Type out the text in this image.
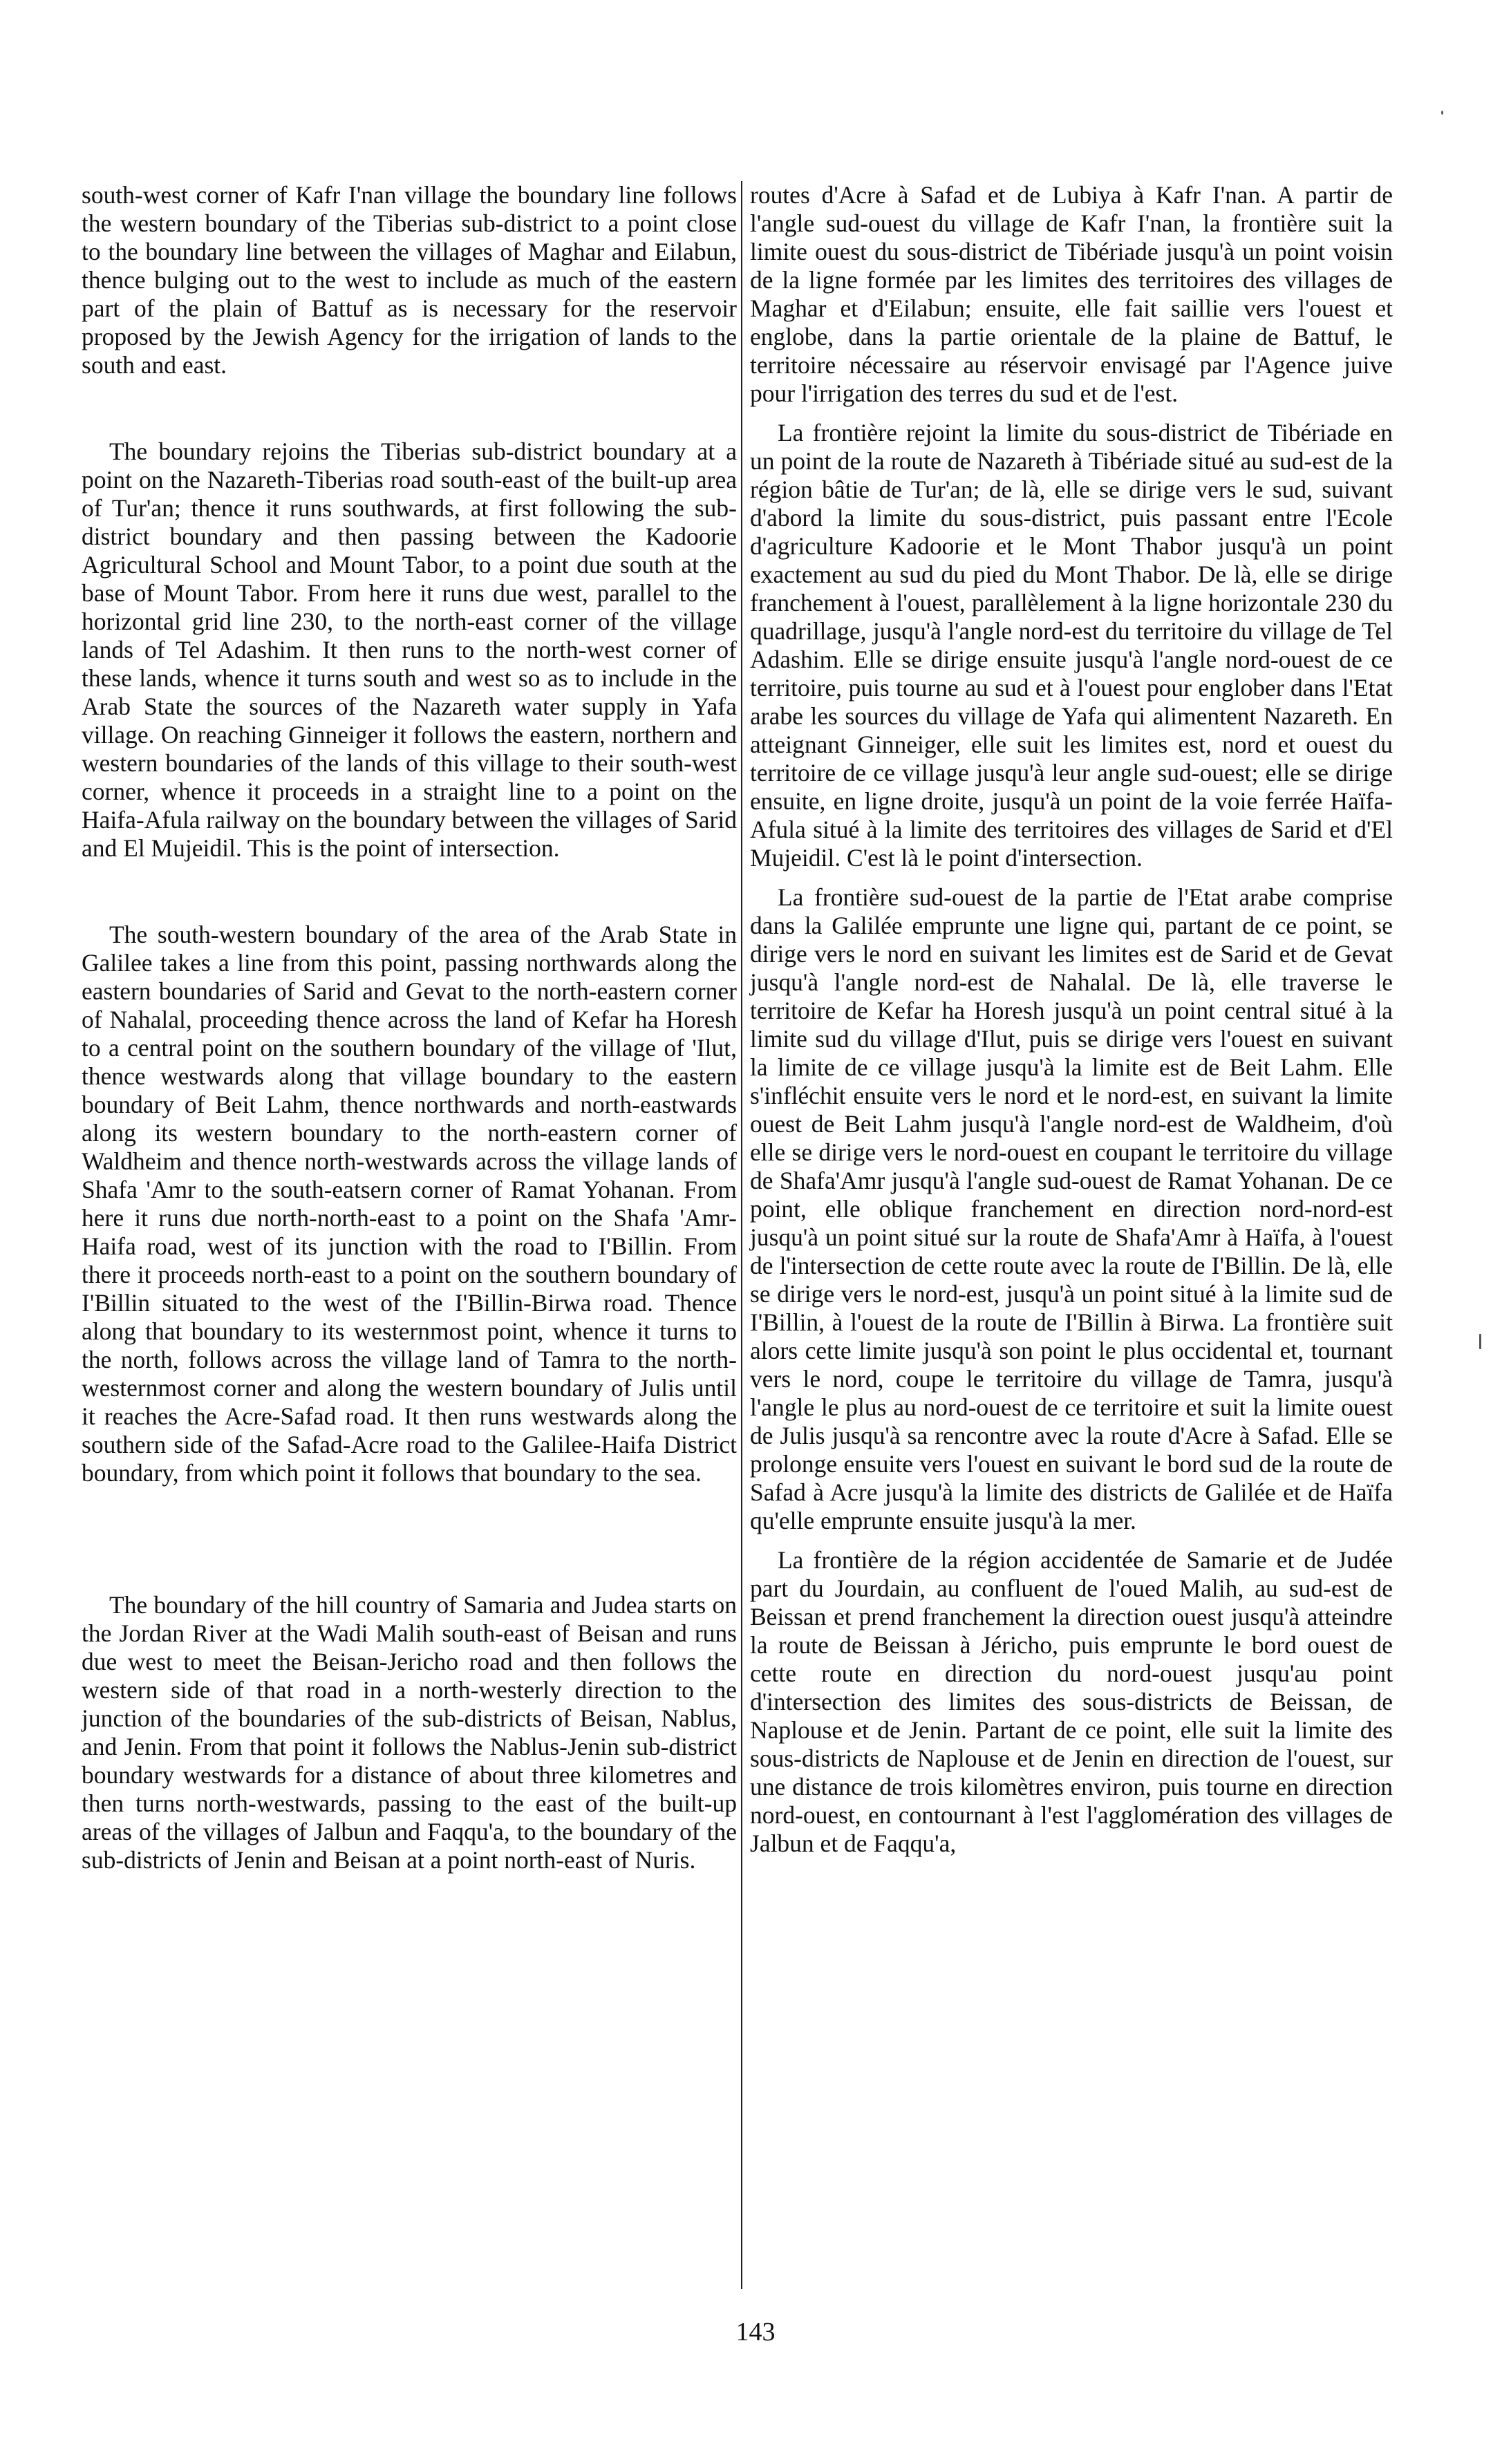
south-west corner of Kafr I'nan village the boundary line follows the western boundary of the Tiberias sub-district to a point close to the boundary line between the villages of Maghar and Eilabun, thence bulging out to the west to include as much of the eastern part of the plain of Battuf as is necessary for the reservoir proposed by the Jewish Agency for the irrigation of lands to the south and east.

The boundary rejoins the Tiberias sub-district boundary at a point on the Nazareth-Tiberias road south-east of the built-up area of Tur'an; thence it runs southwards, at first following the sub-district boundary and then passing between the Kadoorie Agricultural School and Mount Tabor, to a point due south at the base of Mount Tabor. From here it runs due west, parallel to the horizontal grid line 230, to the north-east corner of the village lands of Tel Adashim. It then runs to the north-west corner of these lands, whence it turns south and west so as to include in the Arab State the sources of the Nazareth water supply in Yafa village. On reaching Ginneiger it follows the eastern, northern and western boundaries of the lands of this village to their south-west corner, whence it proceeds in a straight line to a point on the Haifa-Afula railway on the boundary between the villages of Sarid and El Mujeidil. This is the point of intersection.

The south-western boundary of the area of the Arab State in Galilee takes a line from this point, passing northwards along the eastern boundaries of Sarid and Gevat to the north-eastern corner of Nahalal, proceeding thence across the land of Kefar ha Horesh to a central point on the southern boundary of the village of 'Ilut, thence westwards along that village boundary to the eastern boundary of Beit Lahm, thence northwards and north-eastwards along its western boundary to the north-eastern corner of Waldheim and thence north-westwards across the village lands of Shafa 'Amr to the south-eatsern corner of Ramat Yohanan. From here it runs due north-north-east to a point on the Shafa 'Amr-Haifa road, west of its junction with the road to I'Billin. From there it proceeds north-east to a point on the southern boundary of I'Billin situated to the west of the I'Billin-Birwa road. Thence along that boundary to its westernmost point, whence it turns to the north, follows across the village land of Tamra to the north-westernmost corner and along the western boundary of Julis until it reaches the Acre-Safad road. It then runs westwards along the southern side of the Safad-Acre road to the Galilee-Haifa District boundary, from which point it follows that boundary to the sea.

The boundary of the hill country of Samaria and Judea starts on the Jordan River at the Wadi Malih south-east of Beisan and runs due west to meet the Beisan-Jericho road and then follows the western side of that road in a north-westerly direction to the junction of the boundaries of the sub-districts of Beisan, Nablus, and Jenin. From that point it follows the Nablus-Jenin sub-district boundary westwards for a distance of about three kilometres and then turns north-westwards, passing to the east of the built-up areas of the villages of Jalbun and Faqqu'a, to the boundary of the sub-districts of Jenin and Beisan at a point north-east of Nuris.

routes d'Acre à Safad et de Lubiya à Kafr I'nan. A partir de l'angle sud-ouest du village de Kafr I'nan, la frontière suit la limite ouest du sous-district de Tibériade jusqu'à un point voisin de la ligne formée par les limites des territoires des villages de Maghar et d'Eilabun; ensuite, elle fait saillie vers l'ouest et englobe, dans la partie orientale de la plaine de Battuf, le territoire nécessaire au réservoir envisagé par l'Agence juive pour l'irrigation des terres du sud et de l'est.

La frontière rejoint la limite du sous-district de Tibériade en un point de la route de Nazareth à Tibériade situé au sud-est de la région bâtie de Tur'an; de là, elle se dirige vers le sud, suivant d'abord la limite du sous-district, puis passant entre l'Ecole d'agriculture Kadoorie et le Mont Thabor jusqu'à un point exactement au sud du pied du Mont Thabor. De là, elle se dirige franchement à l'ouest, parallèlement à la ligne horizontale 230 du quadrillage, jusqu'à l'angle nord-est du territoire du village de Tel Adashim. Elle se dirige ensuite jusqu'à l'angle nord-ouest de ce territoire, puis tourne au sud et à l'ouest pour englober dans l'Etat arabe les sources du village de Yafa qui alimentent Nazareth. En atteignant Ginneiger, elle suit les limites est, nord et ouest du territoire de ce village jusqu'à leur angle sud-ouest; elle se dirige ensuite, en ligne droite, jusqu'à un point de la voie ferrée Haïfa-Afula situé à la limite des territoires des villages de Sarid et d'El Mujeidil. C'est là le point d'intersection.

La frontière sud-ouest de la partie de l'Etat arabe comprise dans la Galilée emprunte une ligne qui, partant de ce point, se dirige vers le nord en suivant les limites est de Sarid et de Gevat jusqu'à l'angle nord-est de Nahalal. De là, elle traverse le territoire de Kefar ha Horesh jusqu'à un point central situé à la limite sud du village d'Ilut, puis se dirige vers l'ouest en suivant la limite de ce village jusqu'à la limite est de Beit Lahm. Elle s'infléchit ensuite vers le nord et le nord-est, en suivant la limite ouest de Beit Lahm jusqu'à l'angle nord-est de Waldheim, d'où elle se dirige vers le nord-ouest en coupant le territoire du village de Shafa'Amr jusqu'à l'angle sud-ouest de Ramat Yohanan. De ce point, elle oblique franchement en direction nord-nord-est jusqu'à un point situé sur la route de Shafa'Amr à Haïfa, à l'ouest de l'intersection de cette route avec la route de I'Billin. De là, elle se dirige vers le nord-est, jusqu'à un point situé à la limite sud de I'Billin, à l'ouest de la route de I'Billin à Birwa. La frontière suit alors cette limite jusqu'à son point le plus occidental et, tournant vers le nord, coupe le territoire du village de Tamra, jusqu'à l'angle le plus au nord-ouest de ce territoire et suit la limite ouest de Julis jusqu'à sa rencontre avec la route d'Acre à Safad. Elle se prolonge ensuite vers l'ouest en suivant le bord sud de la route de Safad à Acre jusqu'à la limite des districts de Galilée et de Haïfa qu'elle emprunte ensuite jusqu'à la mer.

La frontière de la région accidentée de Samarie et de Judée part du Jourdain, au confluent de l'oued Malih, au sud-est de Beissan et prend franchement la direction ouest jusqu'à atteindre la route de Beissan à Jéricho, puis emprunte le bord ouest de cette route en direction du nord-ouest jusqu'au point d'intersection des limites des sous-districts de Beissan, de Naplouse et de Jenin. Partant de ce point, elle suit la limite des sous-districts de Naplouse et de Jenin en direction de l'ouest, sur une distance de trois kilomètres environ, puis tourne en direction nord-ouest, en contournant à l'est l'agglomération des villages de Jalbun et de Faqqu'a,

143
